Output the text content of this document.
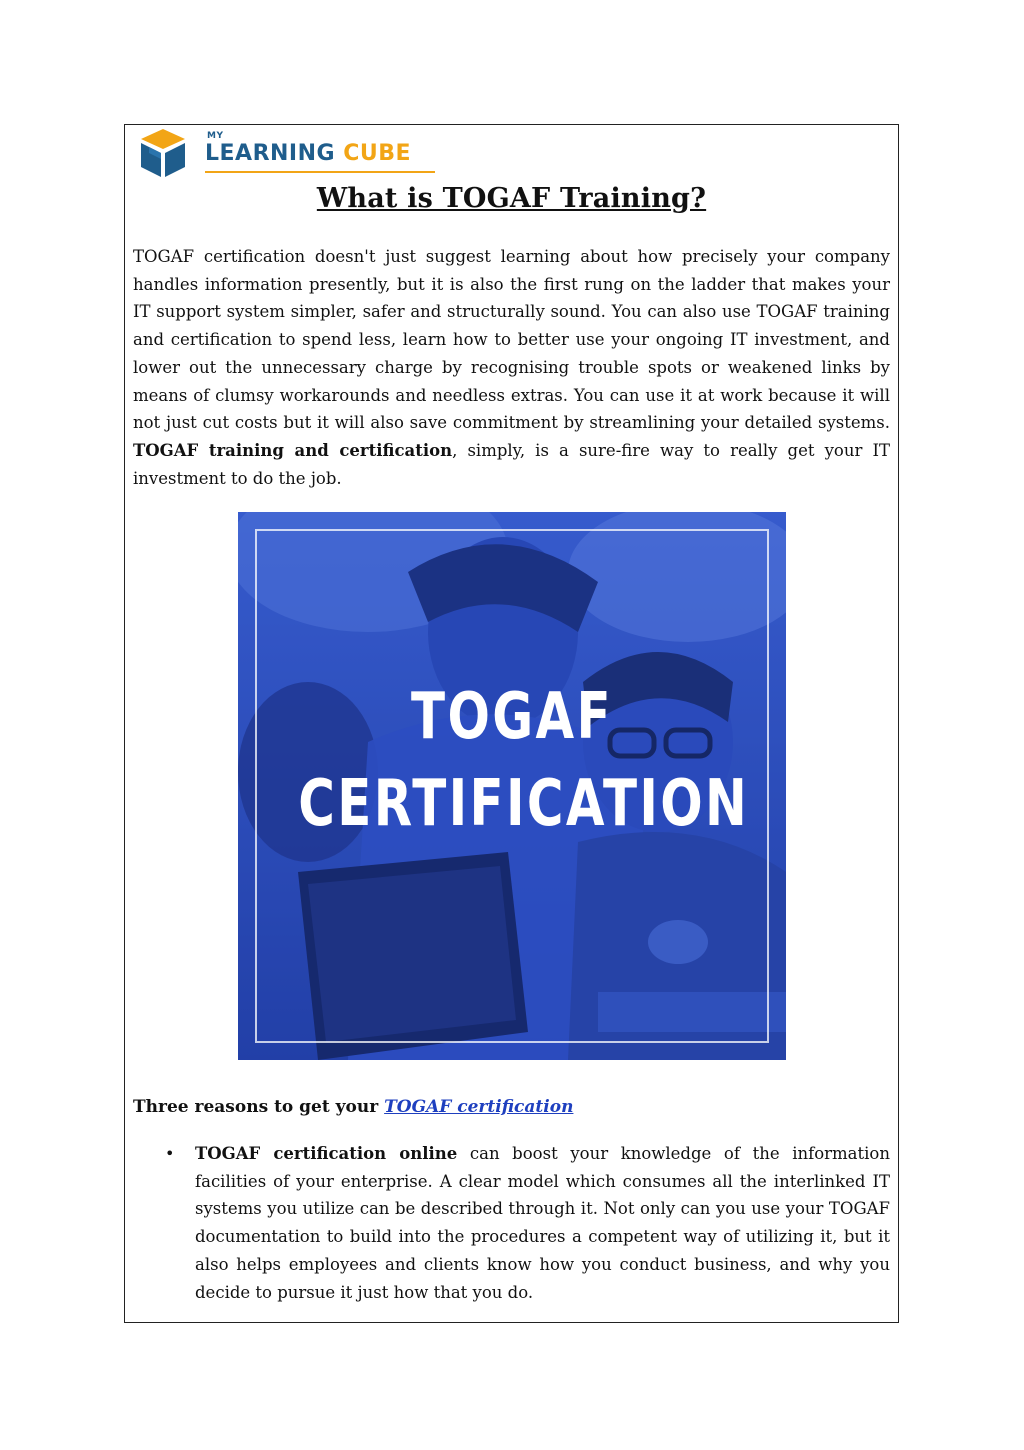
MY
LEARNING CUBE
What is TOGAF Training?

TOGAF certification doesn't just suggest learning about how precisely your company handles information presently, but it is also the first rung on the ladder that makes your IT support system simpler, safer and structurally sound. You can also use TOGAF training and certification to spend less, learn how to better use your ongoing IT investment, and lower out the unnecessary charge by recognising trouble spots or weakened links by means of clumsy workarounds and needless extras. You can use it at work because it will not just cut costs but it will also save commitment by streamlining your detailed systems. TOGAF training and certification, simply, is a sure-fire way to really get your IT investment to do the job.

TOGAF
CERTIFICATION
Three reasons to get your TOGAF certification
• TOGAF certification online can boost your knowledge of the information facilities of your enterprise. A clear model which consumes all the interlinked IT systems you utilize can be described through it. Not only can you use your TOGAF documentation to build into the procedures a competent way of utilizing it, but it also helps employees and clients know how you conduct business, and why you decide to pursue it just how that you do.
